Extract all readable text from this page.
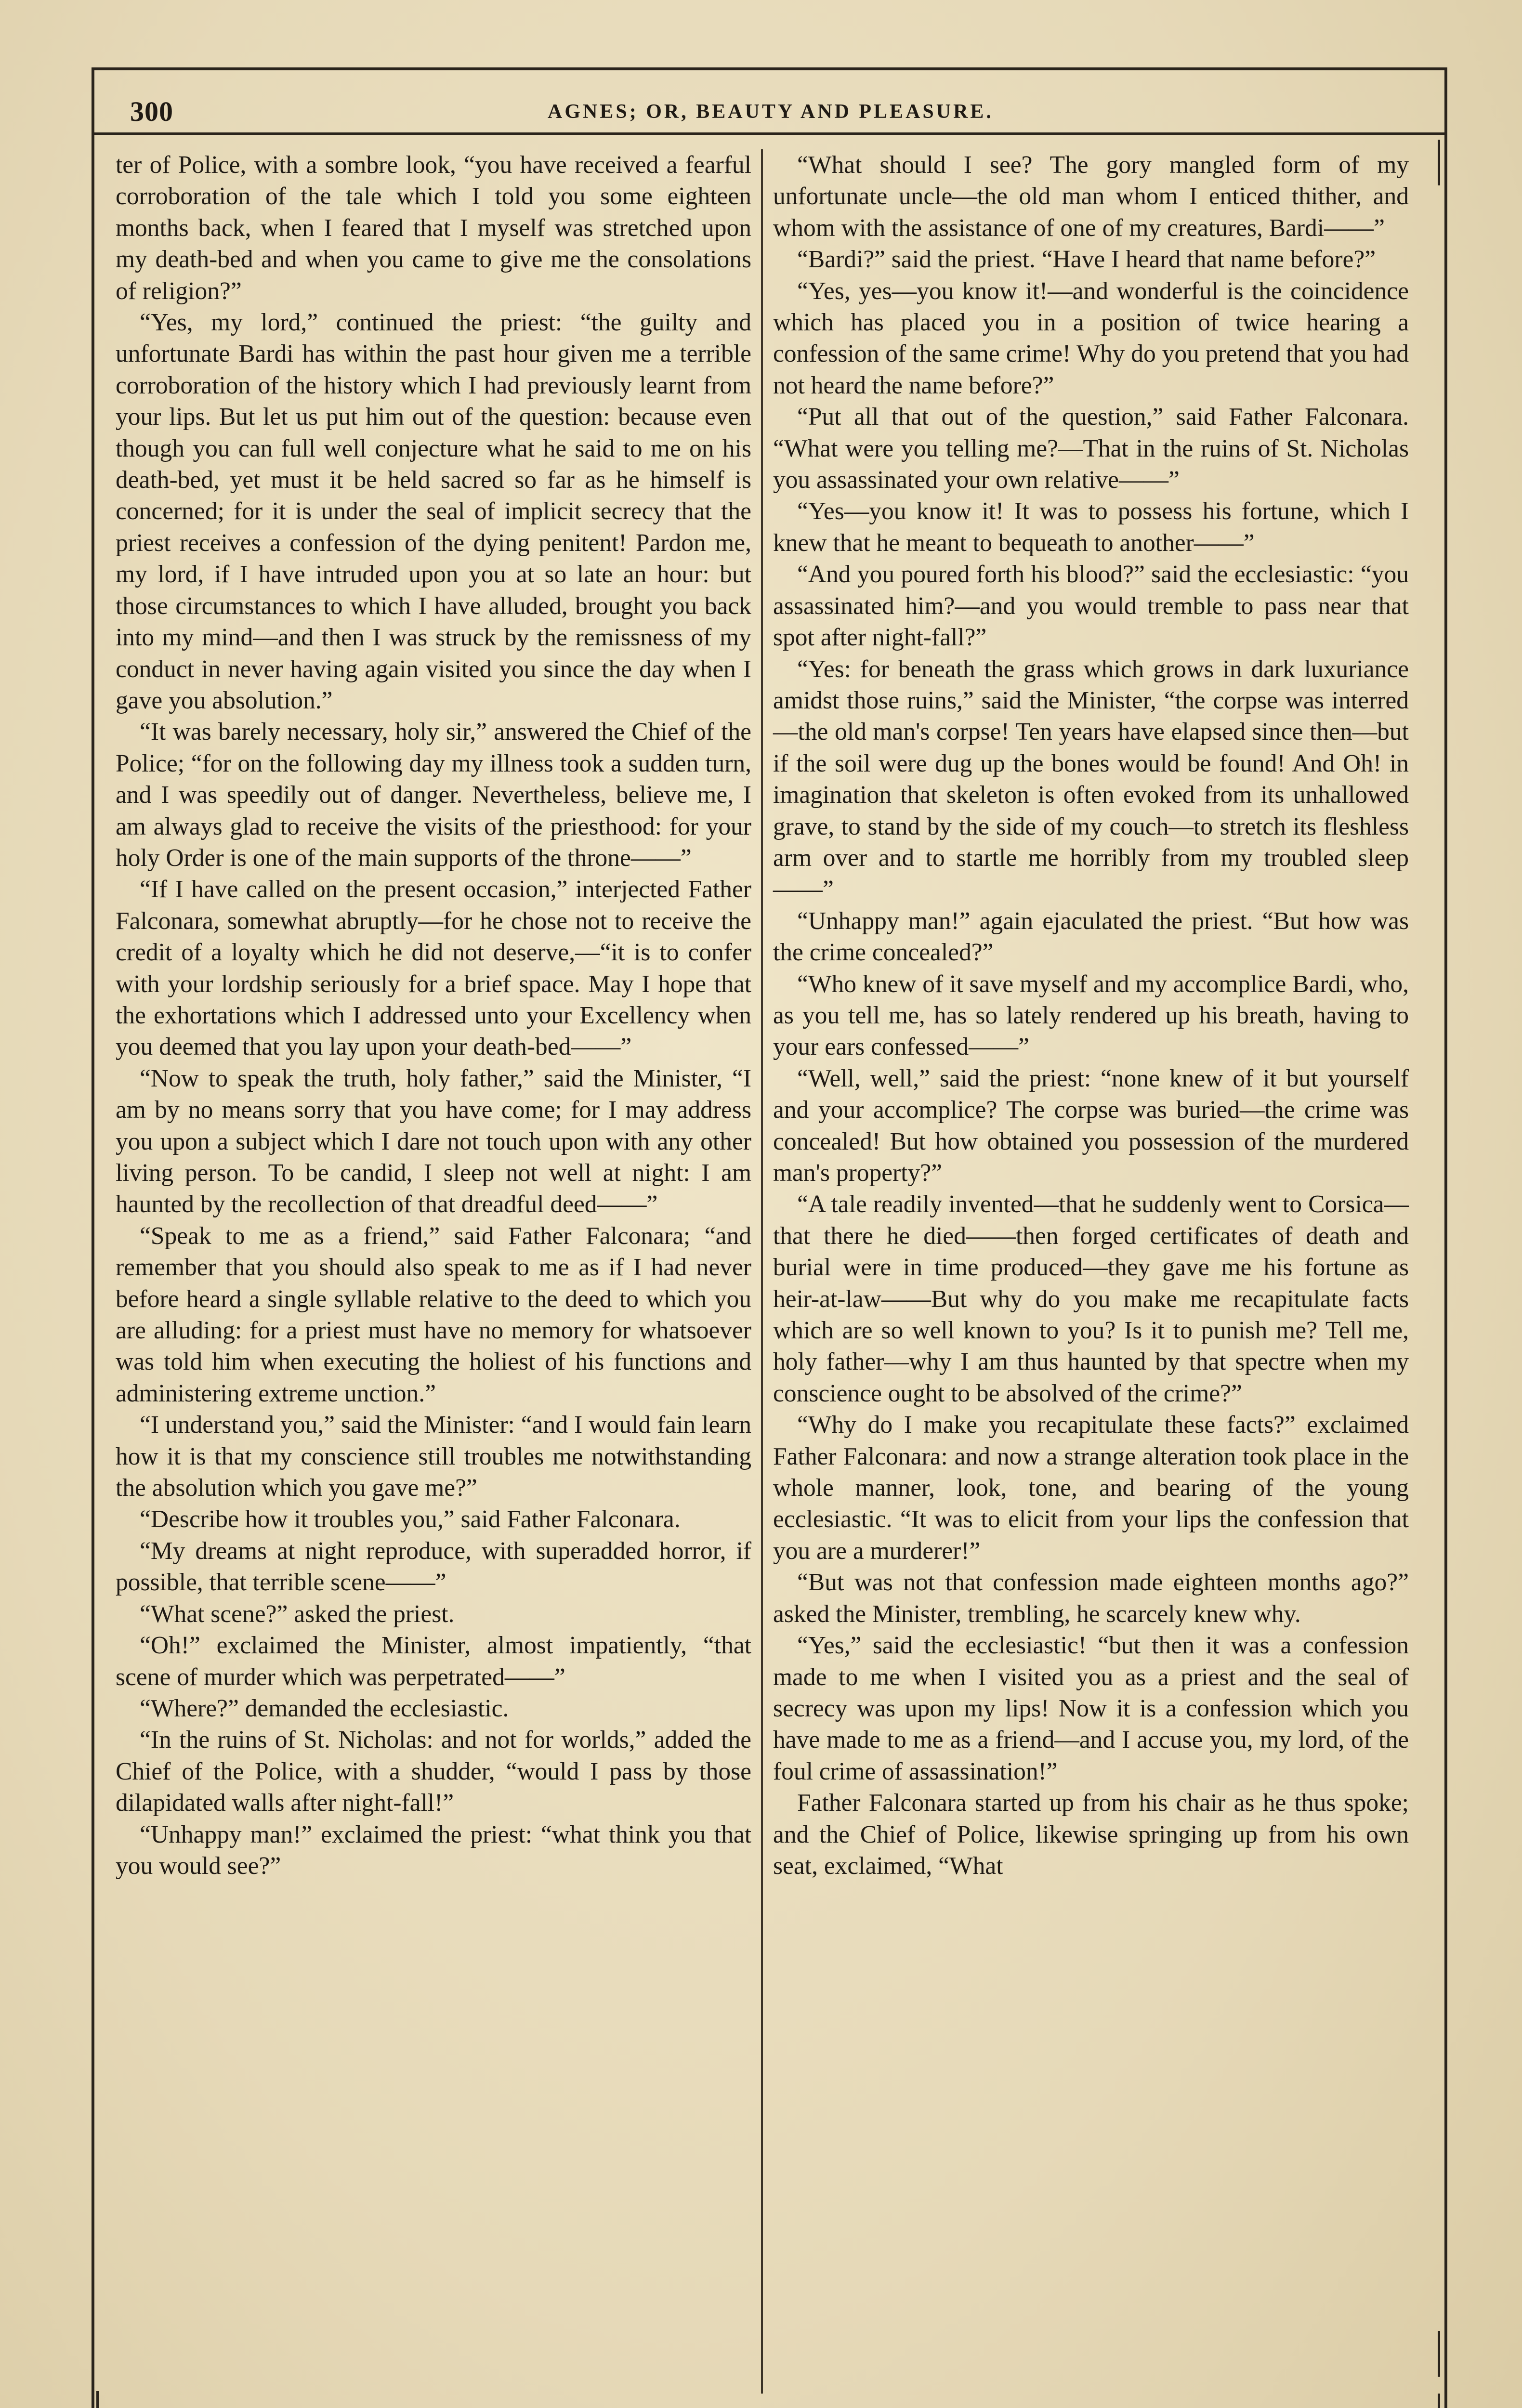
300	AGNES; OR, BEAUTY AND PLEASURE.

ter of Police, with a sombre look, “you have received a fearful corroboration of the tale which I told you some eighteen months back, when I feared that I myself was stretched upon my death-bed and when you came to give me the consolations of religion?”

“Yes, my lord,” continued the priest: “the guilty and unfortunate Bardi has within the past hour given me a terrible corroboration of the history which I had previously learnt from your lips. But let us put him out of the question: because even though you can full well conjecture what he said to me on his death-bed, yet must it be held sacred so far as he himself is concerned; for it is under the seal of implicit secrecy that the priest receives a confession of the dying penitent! Pardon me, my lord, if I have intruded upon you at so late an hour: but those circumstances to which I have alluded, brought you back into my mind—and then I was struck by the remissness of my conduct in never having again visited you since the day when I gave you absolution.”

“It was barely necessary, holy sir,” answered the Chief of the Police; “for on the following day my illness took a sudden turn, and I was speedily out of danger. Nevertheless, believe me, I am always glad to receive the visits of the priesthood: for your holy Order is one of the main supports of the throne——”

“If I have called on the present occasion,” interjected Father Falconara, somewhat abruptly—for he chose not to receive the credit of a loyalty which he did not deserve,—“it is to confer with your lordship seriously for a brief space. May I hope that the exhortations which I addressed unto your Excellency when you deemed that you lay upon your death-bed——”

“Now to speak the truth, holy father,” said the Minister, “I am by no means sorry that you have come; for I may address you upon a subject which I dare not touch upon with any other living person. To be candid, I sleep not well at night: I am haunted by the recollection of that dreadful deed——”

“Speak to me as a friend,” said Father Falconara; “and remember that you should also speak to me as if I had never before heard a single syllable relative to the deed to which you are alluding: for a priest must have no memory for whatsoever was told him when executing the holiest of his functions and administering extreme unction.”

“I understand you,” said the Minister: “and I would fain learn how it is that my conscience still troubles me notwithstanding the absolution which you gave me?”

“Describe how it troubles you,” said Father Falconara.

“My dreams at night reproduce, with superadded horror, if possible, that terrible scene——”

“What scene?” asked the priest.

“Oh!” exclaimed the Minister, almost impatiently, “that scene of murder which was perpetrated——”

“Where?” demanded the ecclesiastic.

“In the ruins of St. Nicholas: and not for worlds,” added the Chief of the Police, with a shudder, “would I pass by those dilapidated walls after night-fall!”

“Unhappy man!” exclaimed the priest: “what think you that you would see?”

“What should I see? The gory mangled form of my unfortunate uncle—the old man whom I enticed thither, and whom with the assistance of one of my creatures, Bardi——”

“Bardi?” said the priest. “Have I heard that name before?”

“Yes, yes—you know it!—and wonderful is the coincidence which has placed you in a position of twice hearing a confession of the same crime! Why do you pretend that you had not heard the name before?”

“Put all that out of the question,” said Father Falconara. “What were you telling me?—That in the ruins of St. Nicholas you assassinated your own relative——”

“Yes—you know it! It was to possess his fortune, which I knew that he meant to bequeath to another——”

“And you poured forth his blood?” said the ecclesiastic: “you assassinated him?—and you would tremble to pass near that spot after night-fall?”

“Yes: for beneath the grass which grows in dark luxuriance amidst those ruins,” said the Minister, “the corpse was interred—the old man's corpse! Ten years have elapsed since then—but if the soil were dug up the bones would be found! And Oh! in imagination that skeleton is often evoked from its unhallowed grave, to stand by the side of my couch—to stretch its fleshless arm over and to startle me horribly from my troubled sleep——”

“Unhappy man!” again ejaculated the priest. “But how was the crime concealed?”

“Who knew of it save myself and my accomplice Bardi, who, as you tell me, has so lately rendered up his breath, having to your ears confessed——”

“Well, well,” said the priest: “none knew of it but yourself and your accomplice? The corpse was buried—the crime was concealed! But how obtained you possession of the murdered man's property?”

“A tale readily invented—that he suddenly went to Corsica—that there he died——then forged certificates of death and burial were in time produced—they gave me his fortune as heir-at-law——But why do you make me recapitulate facts which are so well known to you? Is it to punish me? Tell me, holy father—why I am thus haunted by that spectre when my conscience ought to be absolved of the crime?”

“Why do I make you recapitulate these facts?” exclaimed Father Falconara: and now a strange alteration took place in the whole manner, look, tone, and bearing of the young ecclesiastic. “It was to elicit from your lips the confession that you are a murderer!”

“But was not that confession made eighteen months ago?” asked the Minister, trembling, he scarcely knew why.

“Yes,” said the ecclesiastic! “but then it was a confession made to me when I visited you as a priest and the seal of secrecy was upon my lips! Now it is a confession which you have made to me as a friend—and I accuse you, my lord, of the foul crime of assassination!”

Father Falconara started up from his chair as he thus spoke; and the Chief of Police, likewise springing up from his own seat, exclaimed, “What
